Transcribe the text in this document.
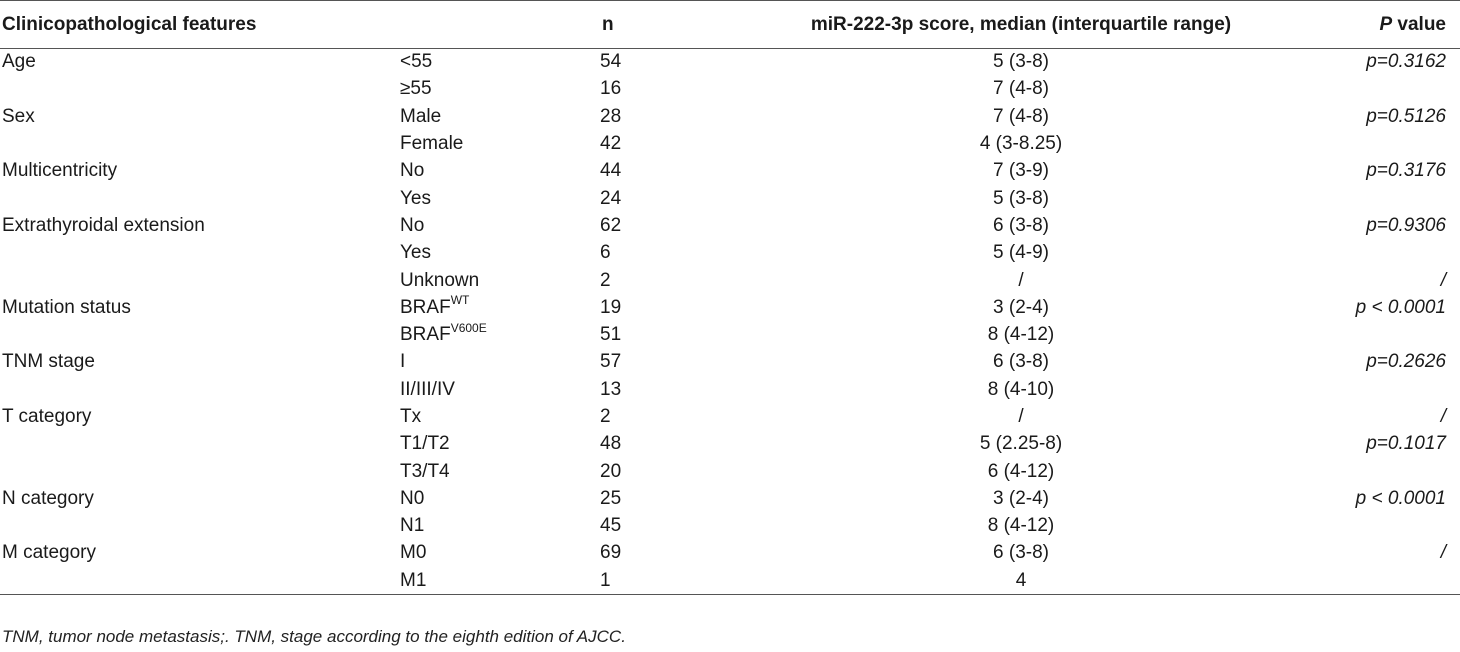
Clinicopathological features		n	miR-222-3p score, median (interquartile range)	P value
Age	<55	54	5 (3-8)	p=0.3162
	≥55	16	7 (4-8)	
Sex	Male	28	7 (4-8)	p=0.5126
	Female	42	4 (3-8.25)	
Multicentricity	No	44	7 (3-9)	p=0.3176
	Yes	24	5 (3-8)	
Extrathyroidal extension	No	62	6 (3-8)	p=0.9306
	Yes	6	5 (4-9)	
	Unknown	2	/	/
Mutation status	$BRAF^{WT}$	19	3 (2-4)	p < 0.0001
	$BRAF^{V600E}$	51	8 (4-12)	
TNM stage	I	57	6 (3-8)	p=0.2626
	II/III/IV	13	8 (4-10)	
T category	Tx	2	/	/
	T1/T2	48	5 (2.25-8)	p=0.1017
	T3/T4	20	6 (4-12)	
N category	N0	25	3 (2-4)	p < 0.0001
	N1	45	8 (4-12)	
M category	M0	69	6 (3-8)	/
	M1	1	4	
TNM, tumor node metastasis;. TNM, stage according to the eighth edition of AJCC.
